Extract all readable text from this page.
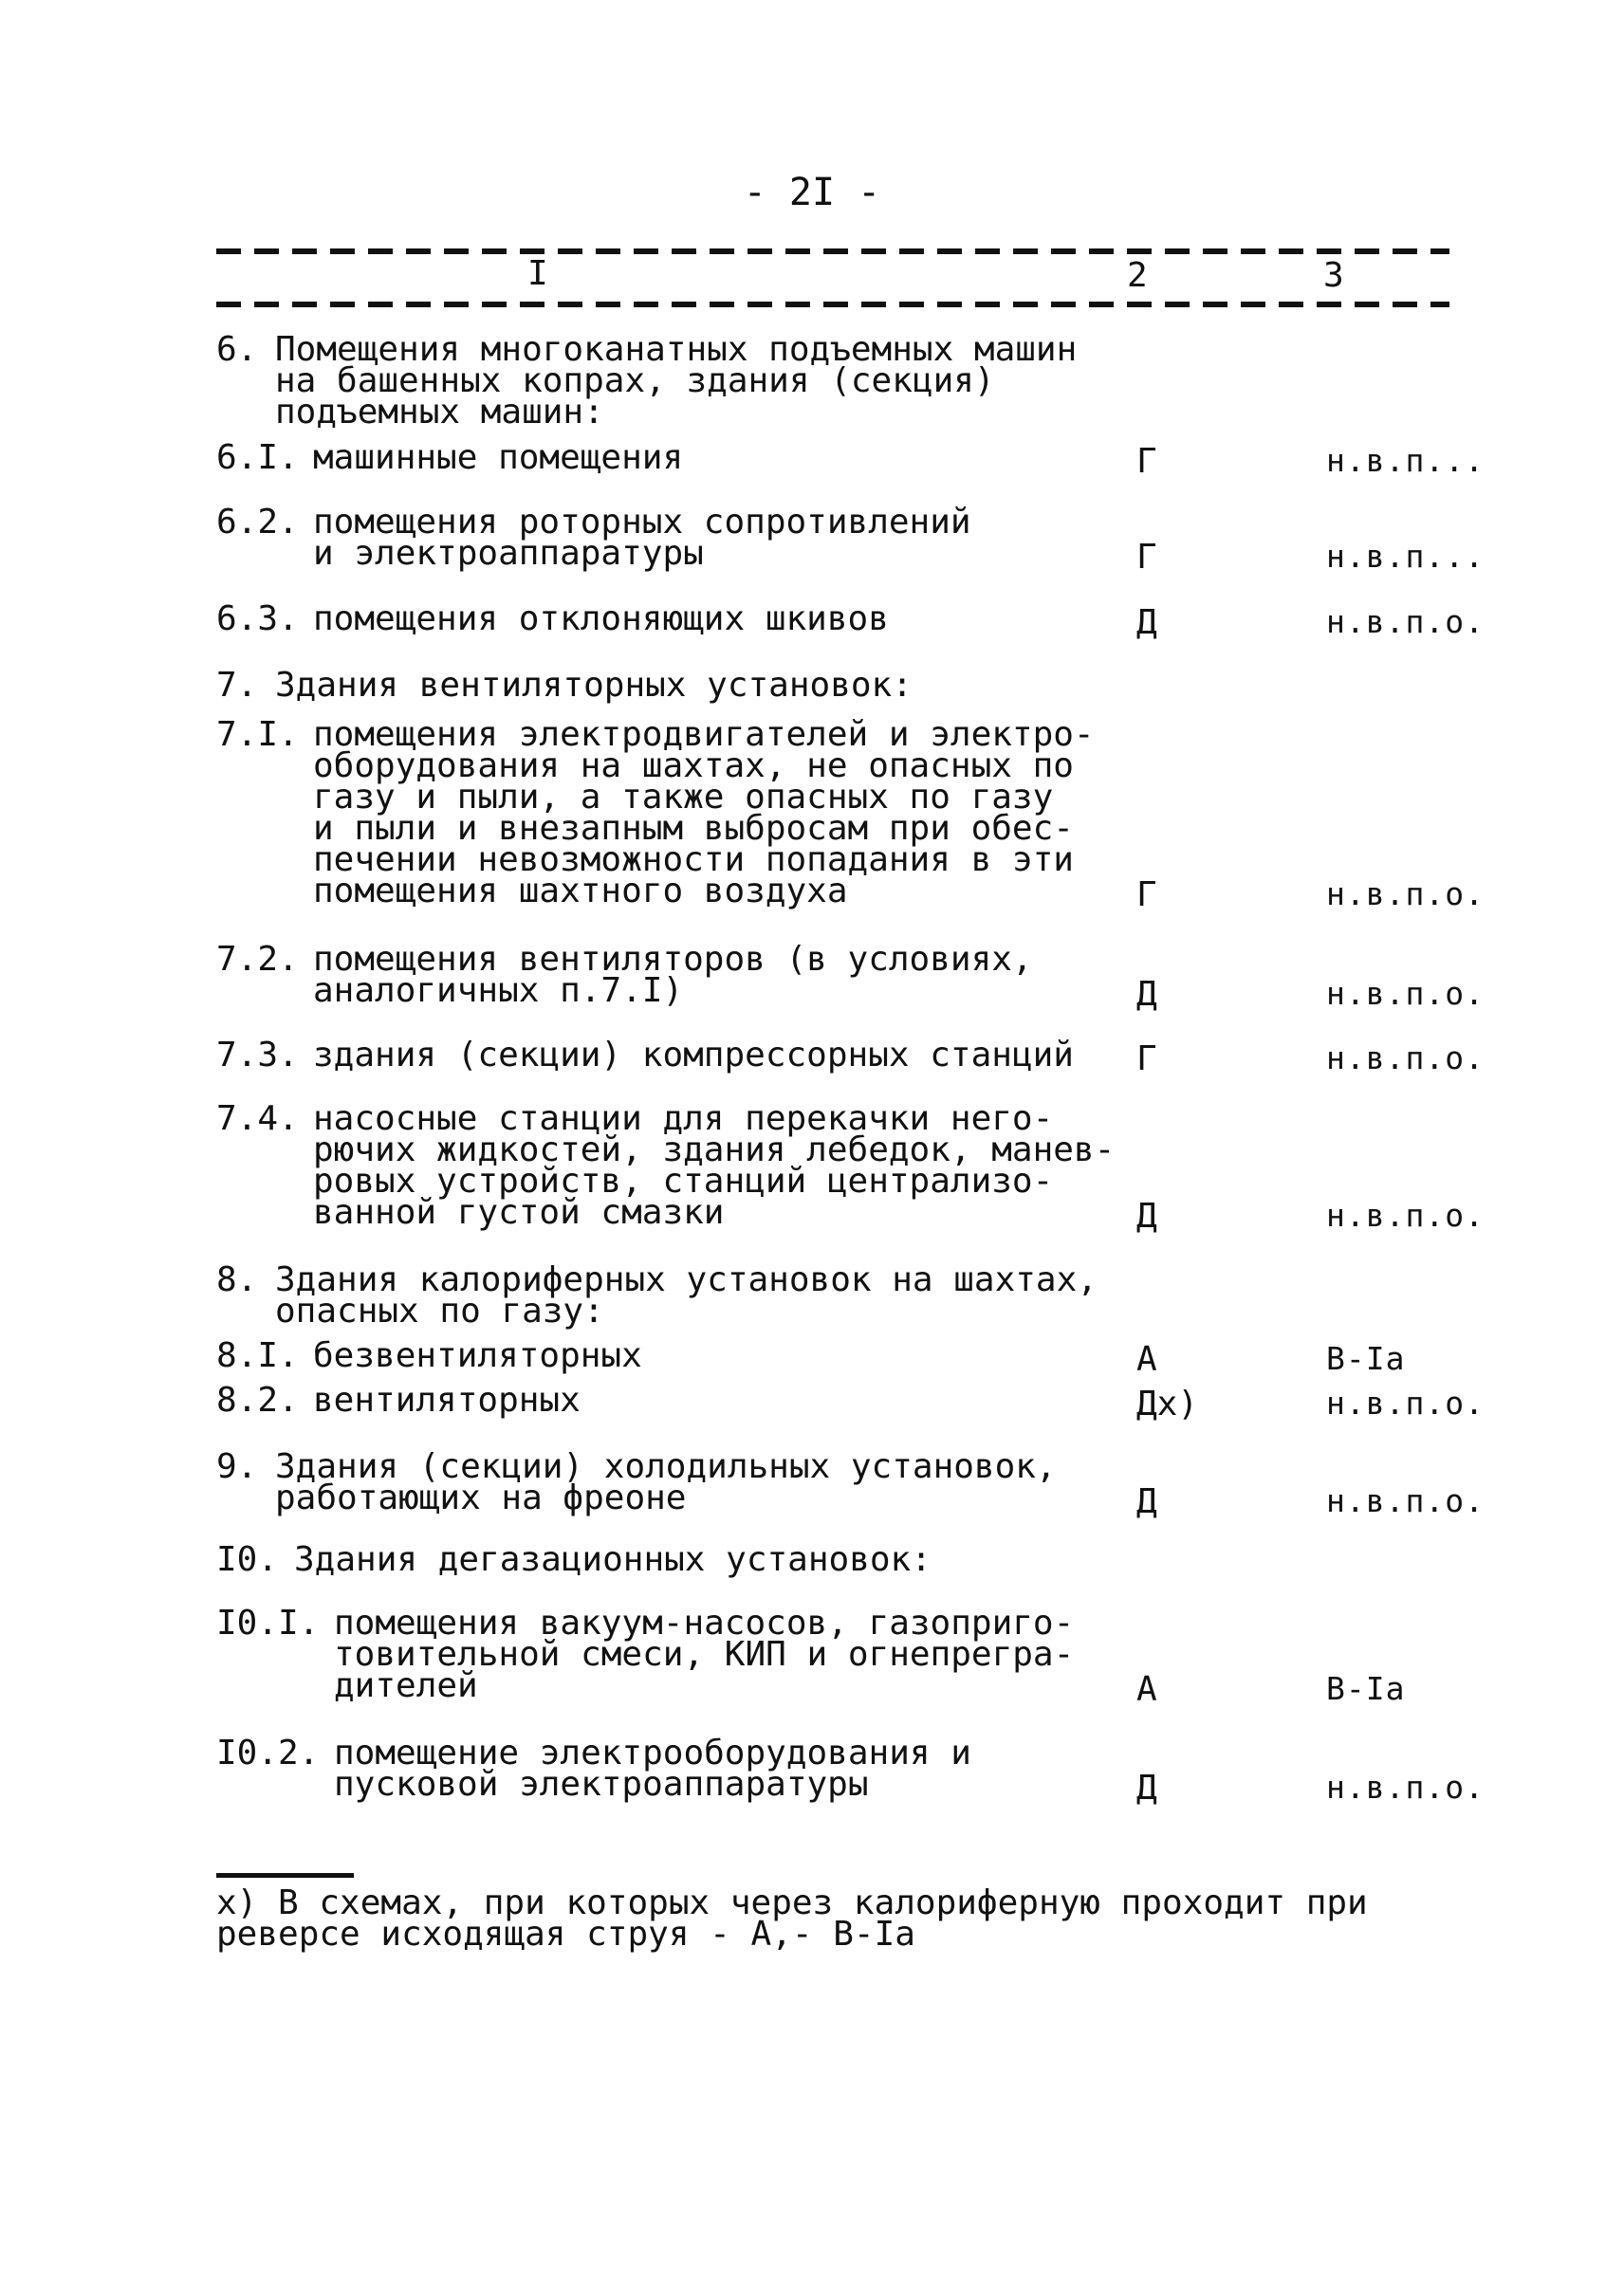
- 2I -
I	2	3
6. Помещения многоканатных подъемных машин
на башенных копрах, здания (секция)
подъемных машин:
6.I. машинные помещения	Г	н.в.п...
6.2. помещения роторных сопротивлений
и электроаппаратуры	Г	н.в.п...
6.3. помещения отклоняющих шкивов	Д	н.в.п.о.
7. Здания вентиляторных установок:
7.I. помещения электродвигателей и электро-
оборудования на шахтах, не опасных по
газу и пыли, а также опасных по газу
и пыли и внезапным выбросам при обес-
печении невозможности попадания в эти
помещения шахтного воздуха	Г	н.в.п.о.
7.2. помещения вентиляторов (в условиях,
аналогичных п.7.I)	Д	н.в.п.о.
7.3. здания (секции) компрессорных станций Г	н.в.п.о.
7.4. насосные станции для перекачки него-
рючих жидкостей, здания лебедок, манев-
ровых устройств, станций централизо-
ванной густой смазки	Д	н.в.п.о.
8. Здания калориферных установок на шахтах,
опасных по газу:
8.I. безвентиляторных	А	В-Iа
8.2. вентиляторных	Дх)	н.в.п.о.
9. Здания (секции) холодильных установок,
работающих на фреоне	Д	н.в.п.о.
I0. Здания дегазационных установок:
I0.I. помещения вакуум-насосов, газоприго-
товительной смеси, КИП и огнепрегра-
дителей	А	В-Iа
I0.2. помещение электрооборудования и
пусковой электроаппаратуры	Д	н.в.п.о.
х) В схемах, при которых через калориферную проходит при
реверсе исходящая струя - А,- В-Iа
